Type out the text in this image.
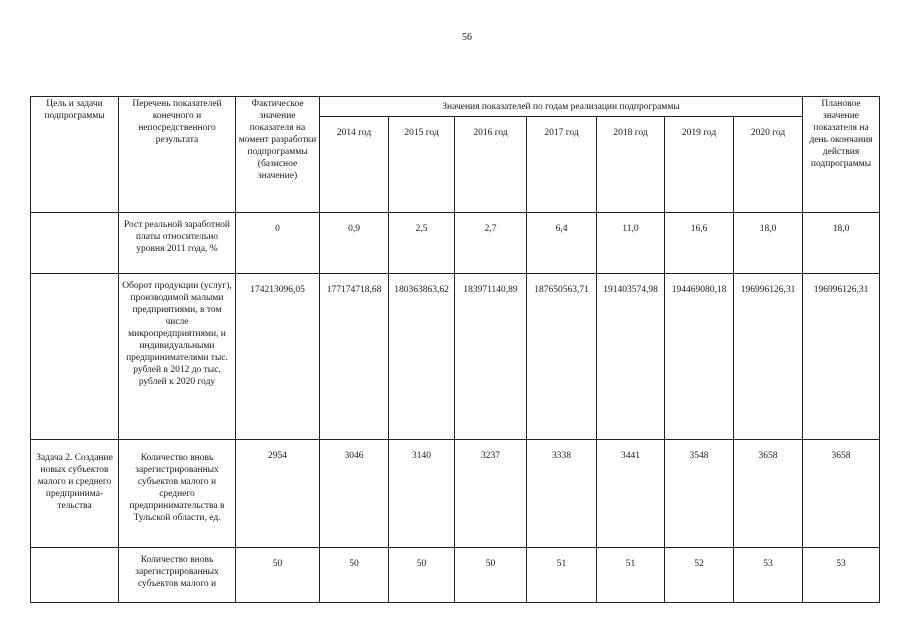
56
Цель и задачи подпрограммы	Перечень показателей конечного и непосредственного результата	Фактическое значение показателя на момент разработки подпрограммы (базисное значение)	Значения показателей по годам реализации подпрограммы							Плановое значение показателя на день окончания действия подпрограммы
			2014 год	2015 год	2016 год	2017 год	2018 год	2019 год	2020 год	
	Рост реальной заработной платы относительно уровня 2011 года, %	0	0,9	2,5	2,7	6,4	11,0	16,6	18,0	18,0
	Оборот продукции (услуг), производимой малыми предприятиями, в том числе микропредприятиями, и индивидуальными предпринимателями тыс. рублей в 2012 до тыс. рублей к 2020 году	174213096,05	177174718,68	180363863,62	183971140,89	187650563,71	191403574,98	194469080,18	196996126,31	196996126,31
Задача 2. Создание новых субъектов малого и среднего предпринима-тельства	Количество вновь зарегистрированных субъектов малого и среднего предпринимательства в Тульской области, ед.	2954	3046	3140	3237	3338	3441	3548	3658	3658
	Количество вновь зарегистрированных субъектов малого и	50	50	50	50	51	51	52	53	53
